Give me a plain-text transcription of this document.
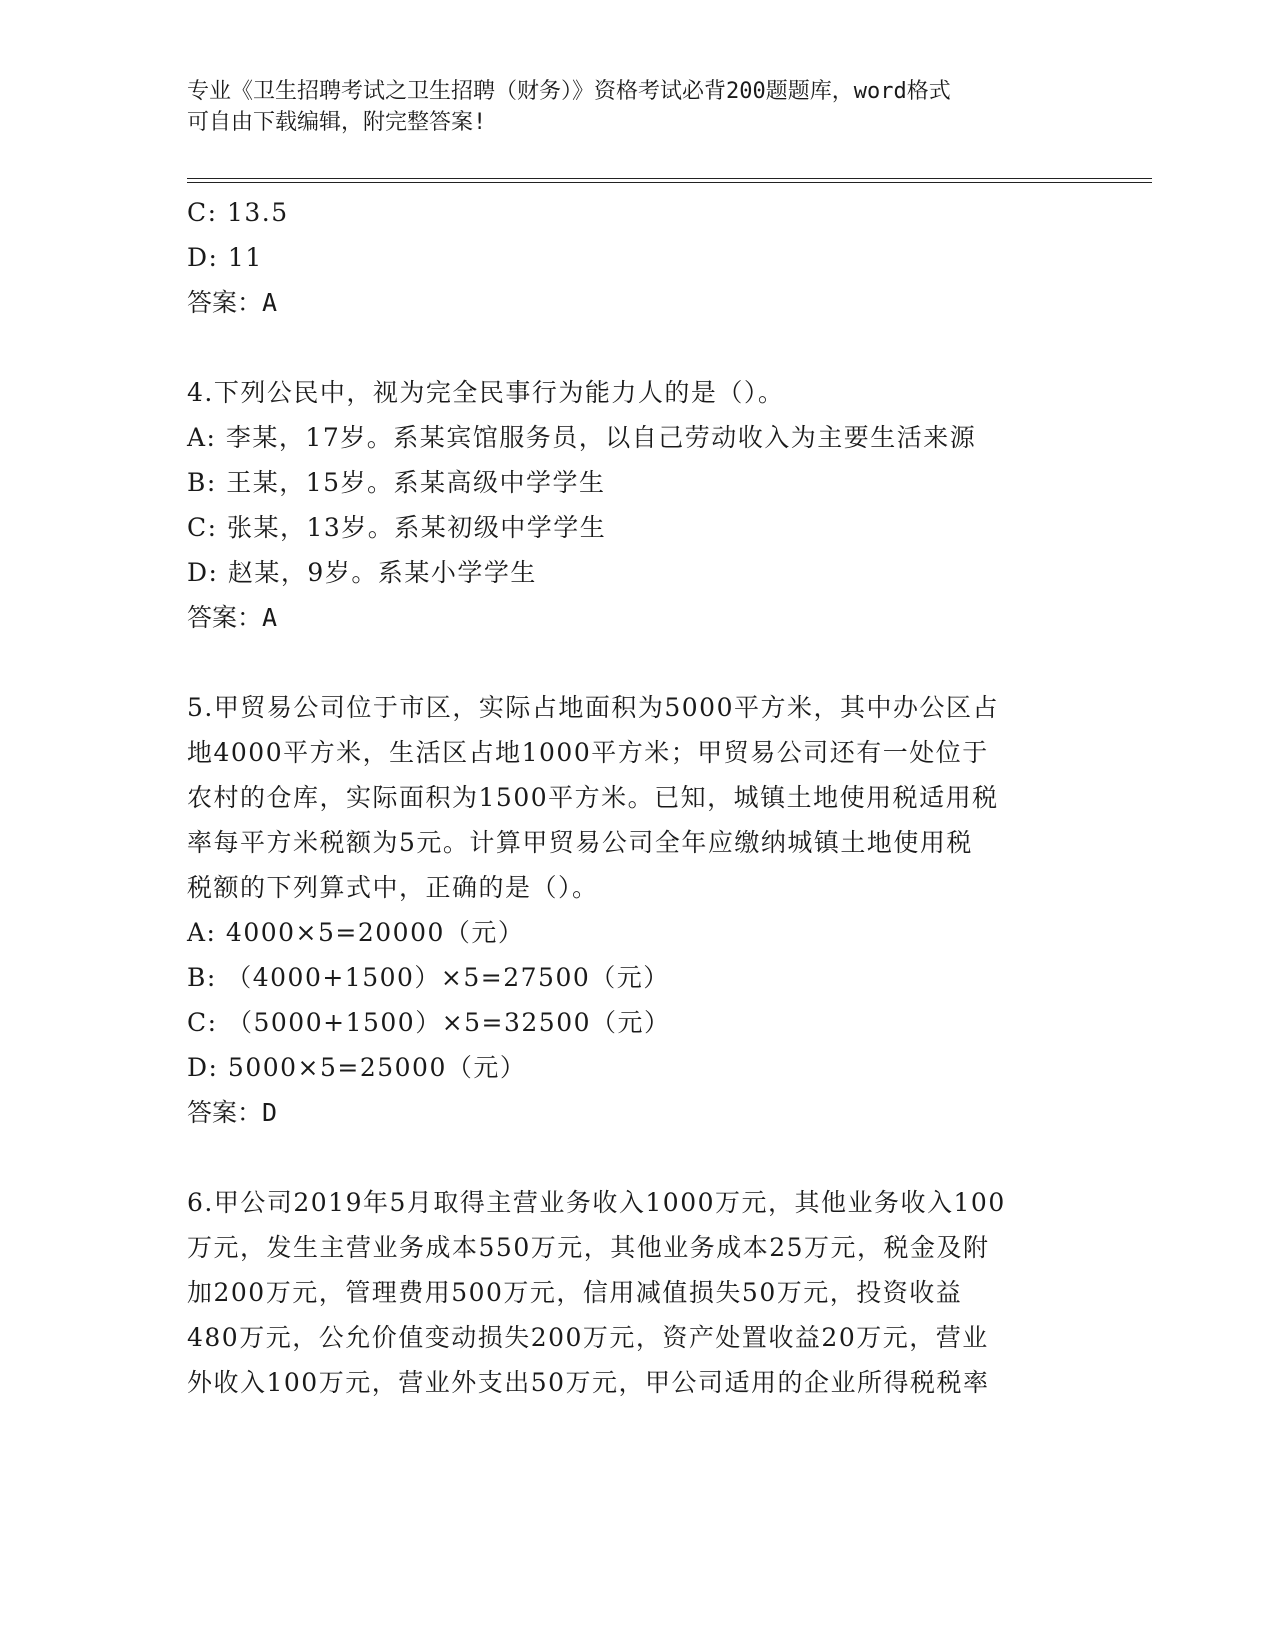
专业《卫生招聘考试之卫生招聘（财务）》资格考试必背200题题库，word格式
可自由下载编辑，附完整答案!
C: 13.5
D: 11
答案：A
4.下列公民中，视为完全民事行为能力人的是（）。
A: 李某，17岁。系某宾馆服务员，以自己劳动收入为主要生活来源
B: 王某，15岁。系某高级中学学生
C: 张某，13岁。系某初级中学学生
D: 赵某，9岁。系某小学学生
答案：A
5.甲贸易公司位于市区，实际占地面积为5000平方米，其中办公区占
地4000平方米，生活区占地1000平方米；甲贸易公司还有一处位于
农村的仓库，实际面积为1500平方米。已知，城镇土地使用税适用税
率每平方米税额为5元。计算甲贸易公司全年应缴纳城镇土地使用税
税额的下列算式中，正确的是（）。
A: 4000×5=20000（元）
B: （4000+1500）×5=27500（元）
C: （5000+1500）×5=32500（元）
D: 5000×5=25000（元）
答案：D
6.甲公司2019年5月取得主营业务收入1000万元，其他业务收入100
万元，发生主营业务成本550万元，其他业务成本25万元，税金及附
加200万元，管理费用500万元，信用减值损失50万元，投资收益
480万元，公允价值变动损失200万元，资产处置收益20万元，营业
外收入100万元，营业外支出50万元，甲公司适用的企业所得税税率
